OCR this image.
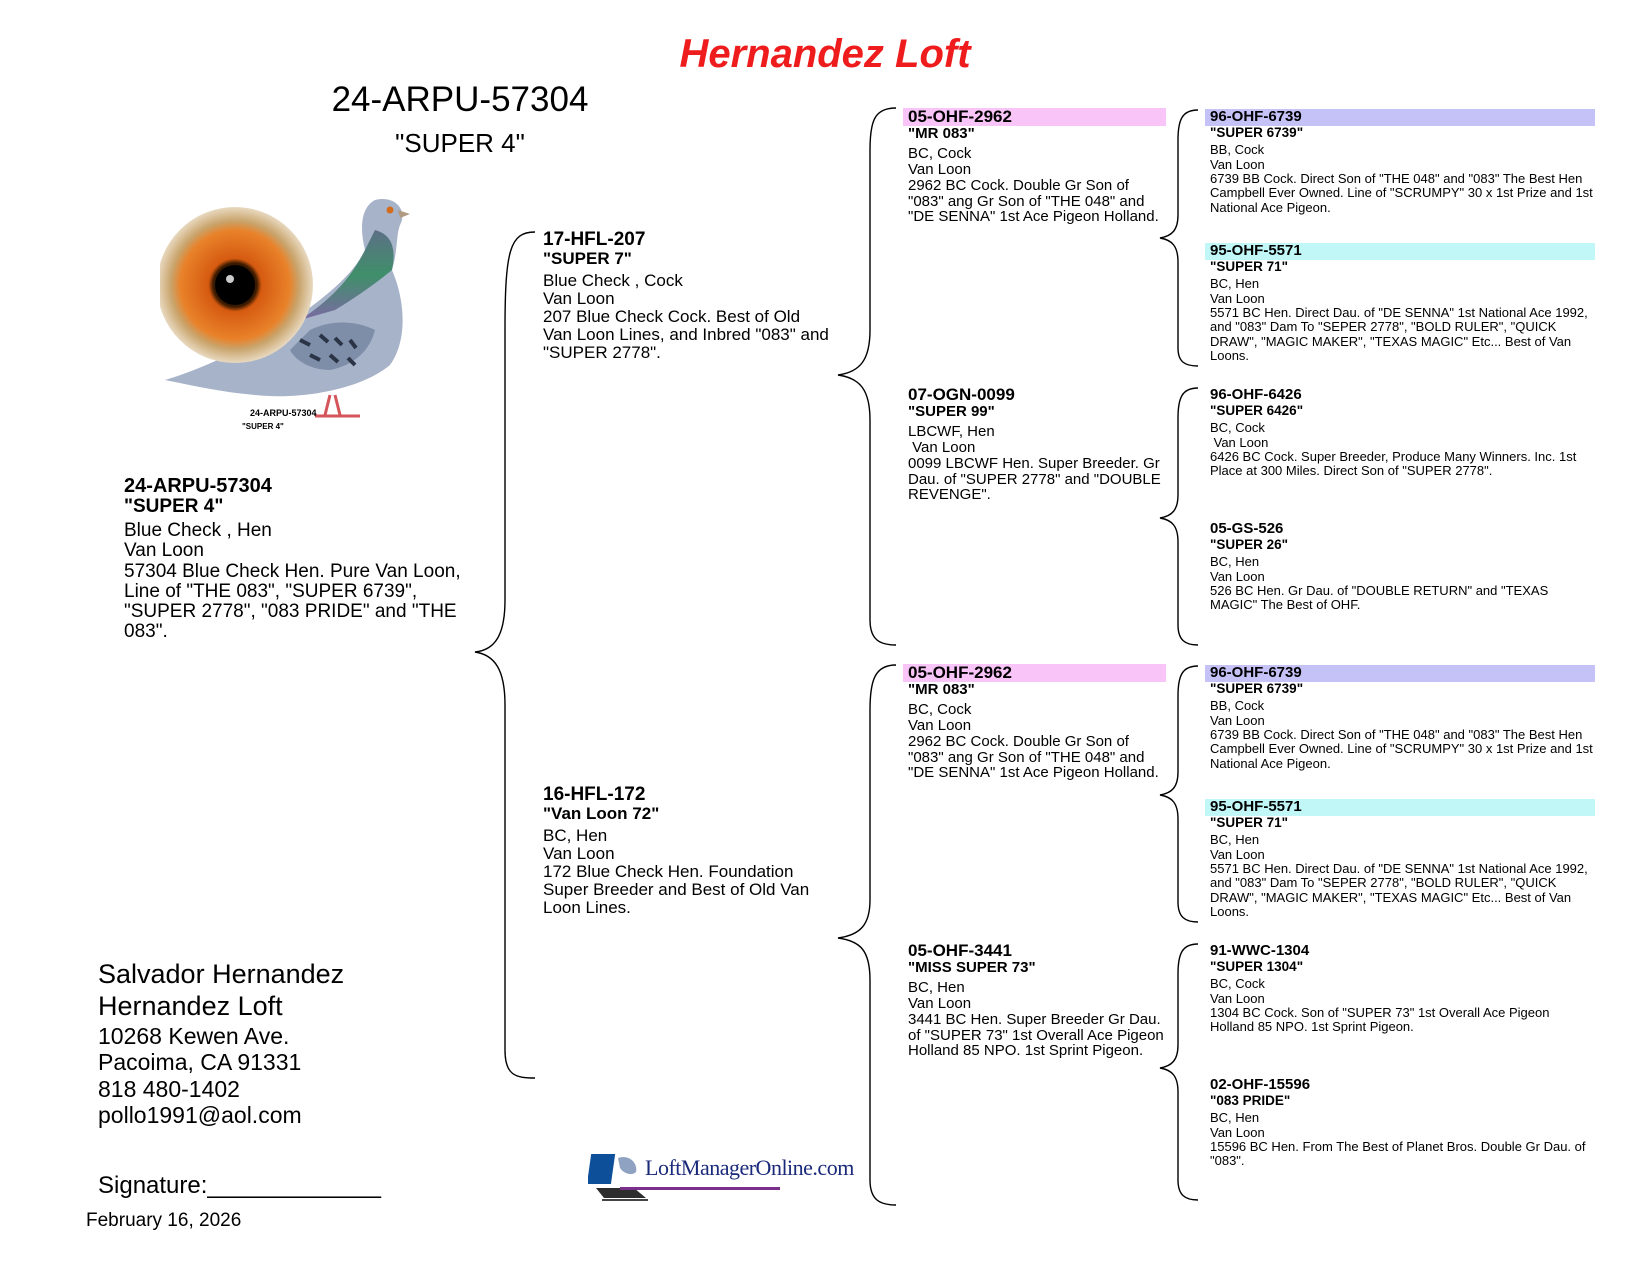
Hernandez Loft
24-ARPU-57304
"SUPER 4"
24-ARPU-57304
"SUPER 4"
24-ARPU-57304
"SUPER 4"
Blue Check , Hen
Van Loon
57304 Blue Check Hen. Pure Van Loon, Line of "THE 083", "SUPER 6739", "SUPER 2778", "083 PRIDE" and "THE 083".
17-HFL-207
"SUPER 7"
Blue Check , Cock
Van Loon
207 Blue Check Cock. Best of Old Van Loon Lines, and Inbred "083" and "SUPER 2778".
16-HFL-172
"Van Loon 72"
BC, Hen
Van Loon
172 Blue Check Hen. Foundation Super Breeder and Best of Old Van Loon Lines.
05-OHF-2962
"MR 083"
BC, Cock
Van Loon
2962 BC Cock. Double Gr Son of "083" ang Gr Son of "THE 048" and "DE SENNA" 1st Ace Pigeon Holland.
07-OGN-0099
"SUPER 99"
LBCWF, Hen
Van Loon
0099 LBCWF Hen. Super Breeder. Gr Dau. of "SUPER 2778" and "DOUBLE REVENGE".
05-OHF-2962
"MR 083"
BC, Cock
Van Loon
2962 BC Cock. Double Gr Son of "083" ang Gr Son of "THE 048" and "DE SENNA" 1st Ace Pigeon Holland.
05-OHF-3441
"MISS SUPER 73"
BC, Hen
Van Loon
3441 BC Hen. Super Breeder Gr Dau. of "SUPER 73" 1st Overall Ace Pigeon Holland 85 NPO. 1st Sprint Pigeon.
96-OHF-6739
"SUPER 6739"
BB, Cock
Van Loon
6739 BB Cock. Direct Son of "THE 048" and "083" The Best Hen Campbell Ever Owned. Line of "SCRUMPY" 30 x 1st Prize and 1st National Ace Pigeon.
95-OHF-5571
"SUPER 71"
BC, Hen
Van Loon
5571 BC Hen. Direct Dau. of "DE SENNA" 1st National Ace 1992, and "083" Dam To "SEPER 2778", "BOLD RULER", "QUICK DRAW", "MAGIC MAKER", "TEXAS MAGIC" Etc... Best of Van Loons.
96-OHF-6426
"SUPER 6426"
BC, Cock
Van Loon
6426 BC Cock. Super Breeder, Produce Many Winners. Inc. 1st Place at 300 Miles. Direct Son of "SUPER 2778".
05-GS-526
"SUPER 26"
BC, Hen
Van Loon
526 BC Hen. Gr Dau. of "DOUBLE RETURN" and "TEXAS MAGIC" The Best of OHF.
96-OHF-6739
"SUPER 6739"
BB, Cock
Van Loon
6739 BB Cock. Direct Son of "THE 048" and "083" The Best Hen Campbell Ever Owned. Line of "SCRUMPY" 30 x 1st Prize and 1st National Ace Pigeon.
95-OHF-5571
"SUPER 71"
BC, Hen
Van Loon
5571 BC Hen. Direct Dau. of "DE SENNA" 1st National Ace 1992, and "083" Dam To "SEPER 2778", "BOLD RULER", "QUICK DRAW", "MAGIC MAKER", "TEXAS MAGIC" Etc... Best of Van Loons.
91-WWC-1304
"SUPER 1304"
BC, Cock
Van Loon
1304 BC Cock. Son of "SUPER 73" 1st Overall Ace Pigeon Holland 85 NPO. 1st Sprint Pigeon.
02-OHF-15596
"083 PRIDE"
BC, Hen
Van Loon
15596 BC Hen. From The Best of Planet Bros. Double Gr Dau. of "083".
Salvador Hernandez
Hernandez Loft
10268 Kewen Ave.
Pacoima, CA 91331
818 480-1402
pollo1991@aol.com
Signature:_____________
February 16, 2026
LoftManagerOnline.com
